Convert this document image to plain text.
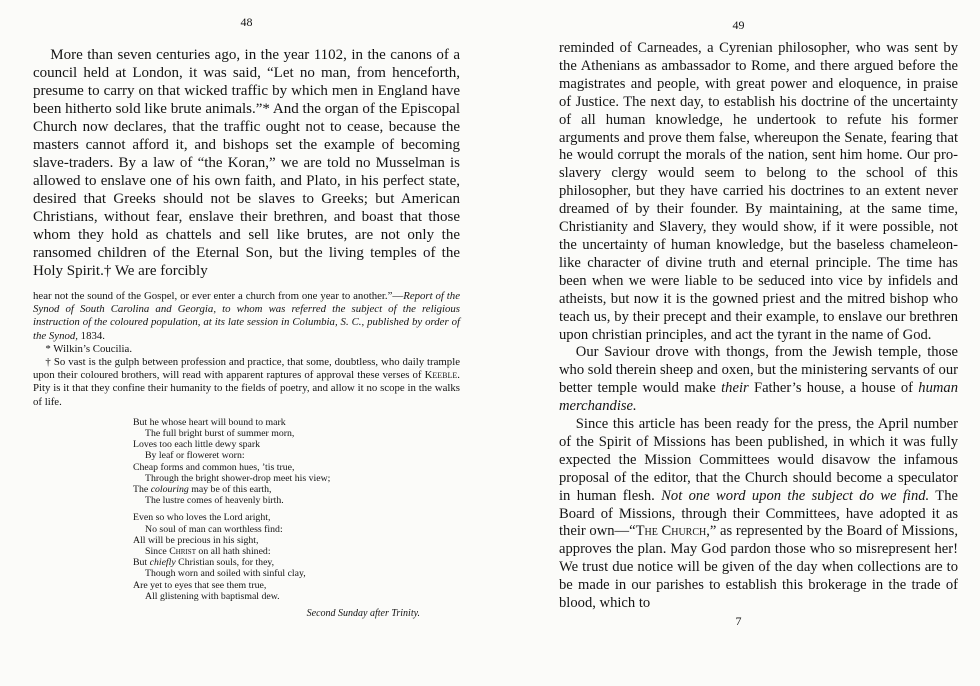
48

More than seven centuries ago, in the year 1102, in the canons of a council held at London, it was said, “Let no man, from henceforth, presume to carry on that wicked traffic by which men in England have been hitherto sold like brute animals.”* And the organ of the Episcopal Church now declares, that the traffic ought not to cease, because the masters cannot afford it, and bishops set the example of becoming slave-traders. By a law of “the Koran,” we are told no Musselman is allowed to enslave one of his own faith, and Plato, in his perfect state, desired that Greeks should not be slaves to Greeks; but American Christians, without fear, enslave their brethren, and boast that those whom they hold as chattels and sell like brutes, are not only the ransomed children of the Eternal Son, but the living temples of the Holy Spirit.† We are forcibly

hear not the sound of the Gospel, or ever enter a church from one year to another.”—Report of the Synod of South Carolina and Georgia, to whom was referred the subject of the religious instruction of the coloured population, at its late session in Columbia, S. C., published by order of the Synod, 1834.

* Wilkin’s Coucilia.

† So vast is the gulph between profession and practice, that some, doubtless, who daily trample upon their coloured brothers, will read with apparent raptures of approval these verses of Keeble. Pity is it that they confine their humanity to the fields of poetry, and allow it no scope in the walks of life.

But he whose heart will bound to mark
The full bright burst of summer morn,
Loves too each little dewy spark
By leaf or floweret worn:
Cheap forms and common hues, ’tis true,
Through the bright shower-drop meet his view;
The colouring may be of this earth,
The lustre comes of heavenly birth.
Even so who loves the Lord aright,
No soul of man can worthless find:
All will be precious in his sight,
Since Christ on all hath shined:
But chiefly Christian souls, for they,
Though worn and soiled with sinful clay,
Are yet to eyes that see them true,
All glistening with baptismal dew.
Second Sunday after Trinity.
49

reminded of Carneades, a Cyrenian philosopher, who was sent by the Athenians as ambassador to Rome, and there argued before the magistrates and people, with great power and eloquence, in praise of Justice. The next day, to establish his doctrine of the uncertainty of all human knowledge, he undertook to refute his former arguments and prove them false, whereupon the Senate, fearing that he would corrupt the morals of the nation, sent him home. Our pro-slavery clergy would seem to belong to the school of this philosopher, but they have carried his doctrines to an extent never dreamed of by their founder. By maintaining, at the same time, Christianity and Slavery, they would show, if it were possible, not the uncertainty of human knowledge, but the baseless chameleon-like character of divine truth and eternal principle. The time has been when we were liable to be seduced into vice by infidels and atheists, but now it is the gowned priest and the mitred bishop who teach us, by their precept and their example, to enslave our brethren upon christian principles, and act the tyrant in the name of God.

Our Saviour drove with thongs, from the Jewish temple, those who sold therein sheep and oxen, but the ministering servants of our better temple would make their Father’s house, a house of human merchandise.

Since this article has been ready for the press, the April number of the Spirit of Missions has been published, in which it was fully expected the Mission Committees would disavow the infamous proposal of the editor, that the Church should become a speculator in human flesh. Not one word upon the subject do we find. The Board of Missions, through their Committees, have adopted it as their own—“The Church,” as represented by the Board of Missions, approves the plan. May God pardon those who so misrepresent her! We trust due notice will be given of the day when collections are to be made in our parishes to establish this brokerage in the trade of blood, which to

7
